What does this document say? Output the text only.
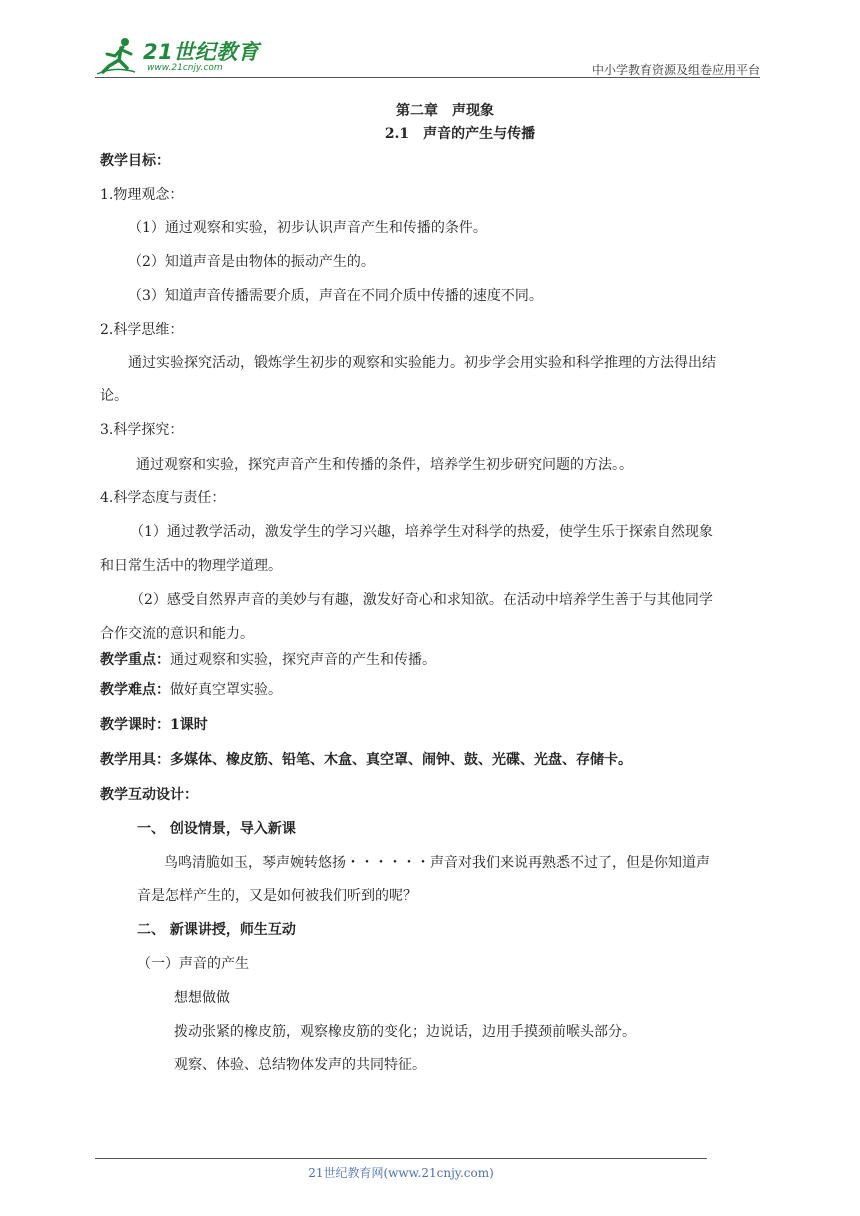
21世纪教育
www.21cnjy.com	中小学教育资源及组卷应用平台
第二章　声现象
2.1　声音的产生与传播
教学目标：
1.物理观念：
（1）通过观察和实验，初步认识声音产生和传播的条件。
（2）知道声音是由物体的振动产生的。
（3）知道声音传播需要介质，声音在不同介质中传播的速度不同。
2.科学思维：
通过实验探究活动，锻炼学生初步的观察和实验能力。初步学会用实验和科学推理的方法得出结
论。
3.科学探究：
通过观察和实验，探究声音产生和传播的条件，培养学生初步研究问题的方法。。
4.科学态度与责任：
（1）通过教学活动，激发学生的学习兴趣，培养学生对科学的热爱，使学生乐于探索自然现象
和日常生活中的物理学道理。
（2）感受自然界声音的美妙与有趣，激发好奇心和求知欲。在活动中培养学生善于与其他同学
合作交流的意识和能力。
教学重点：通过观察和实验，探究声音的产生和传播。
教学难点：做好真空罩实验。
教学课时：1课时
教学用具：多媒体、橡皮筋、铅笔、木盒、真空罩、闹钟、鼓、光碟、光盘、存储卡。
教学互动设计：
一、 创设情景，导入新课
鸟鸣清脆如玉，琴声婉转悠扬・・・・・・声音对我们来说再熟悉不过了，但是你知道声
音是怎样产生的，又是如何被我们听到的呢？
二、 新课讲授，师生互动
（一）声音的产生
想想做做
拨动张紧的橡皮筋，观察橡皮筋的变化；边说话，边用手摸颈前喉头部分。
观察、体验、总结物体发声的共同特征。
21世纪教育网(www.21cnjy.com)
